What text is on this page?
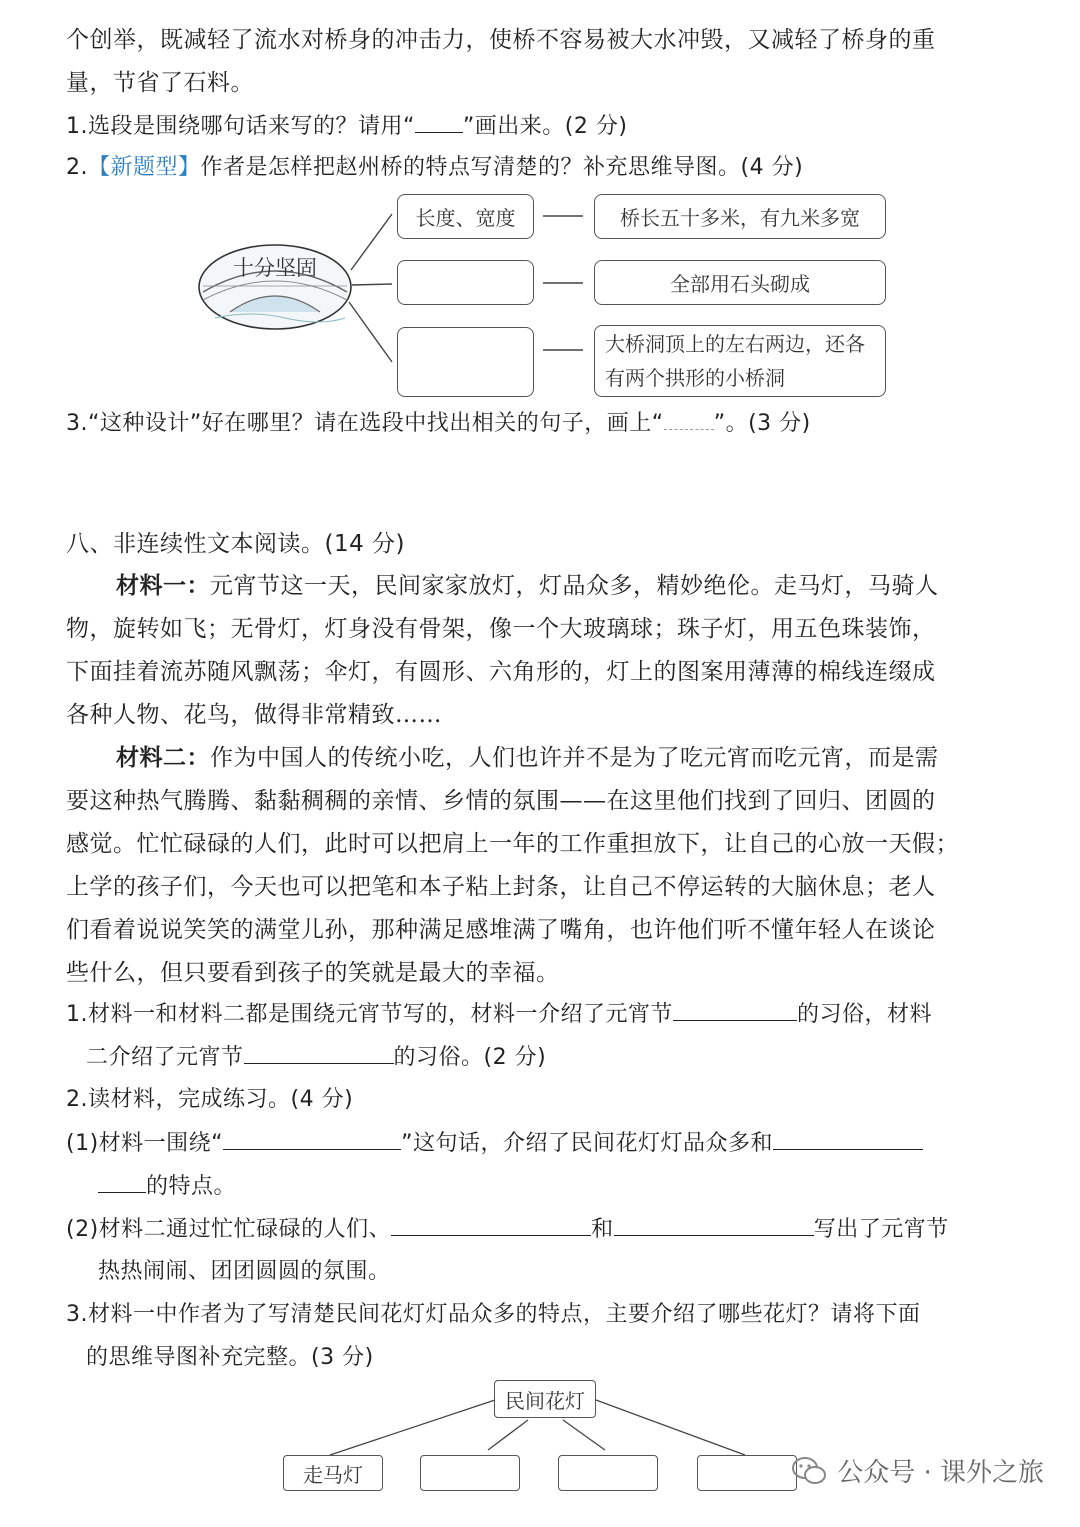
个创举，既减轻了流水对桥身的冲击力，使桥不容易被大水冲毁，又减轻了桥身的重
量，节省了石料。
1.选段是围绕哪句话来写的？请用“ ”画出来。(2 分)
2.【新题型】作者是怎样把赵州桥的特点写清楚的？补充思维导图。(4 分)
十分坚固
长度、宽度	桥长五十多米，有九米多宽
全部用石头砌成
大桥洞顶上的左右两边，还各有两个拱形的小桥洞
3.“这种设计”好在哪里？请在选段中找出相关的句子，画上“ ”。(3 分)
八、非连续性文本阅读。(14 分)
材料一：元宵节这一天，民间家家放灯，灯品众多，精妙绝伦。走马灯，马骑人
物，旋转如飞；无骨灯，灯身没有骨架，像一个大玻璃球；珠子灯，用五色珠装饰，
下面挂着流苏随风飘荡；伞灯，有圆形、六角形的，灯上的图案用薄薄的棉线连缀成
各种人物、花鸟，做得非常精致……
材料二：作为中国人的传统小吃，人们也许并不是为了吃元宵而吃元宵，而是需
要这种热气腾腾、黏黏稠稠的亲情、乡情的氛围——在这里他们找到了回归、团圆的
感觉。忙忙碌碌的人们，此时可以把肩上一年的工作重担放下，让自己的心放一天假；
上学的孩子们，今天也可以把笔和本子粘上封条，让自己不停运转的大脑休息；老人
们看着说说笑笑的满堂儿孙，那种满足感堆满了嘴角，也许他们听不懂年轻人在谈论
些什么，但只要看到孩子的笑就是最大的幸福。
1.材料一和材料二都是围绕元宵节写的，材料一介绍了元宵节	的习俗，材料
二介绍了元宵节	的习俗。(2 分)
2.读材料，完成练习。(4 分)
(1)材料一围绕“	”这句话，介绍了民间花灯灯品众多和
的特点。
(2)材料二通过忙忙碌碌的人们、	和	写出了元宵节
热热闹闹、团团圆圆的氛围。
3.材料一中作者为了写清楚民间花灯灯品众多的特点，主要介绍了哪些花灯？请将下面
的思维导图补充完整。(3 分)
民间花灯
走马灯	公众号 · 课外之旅
